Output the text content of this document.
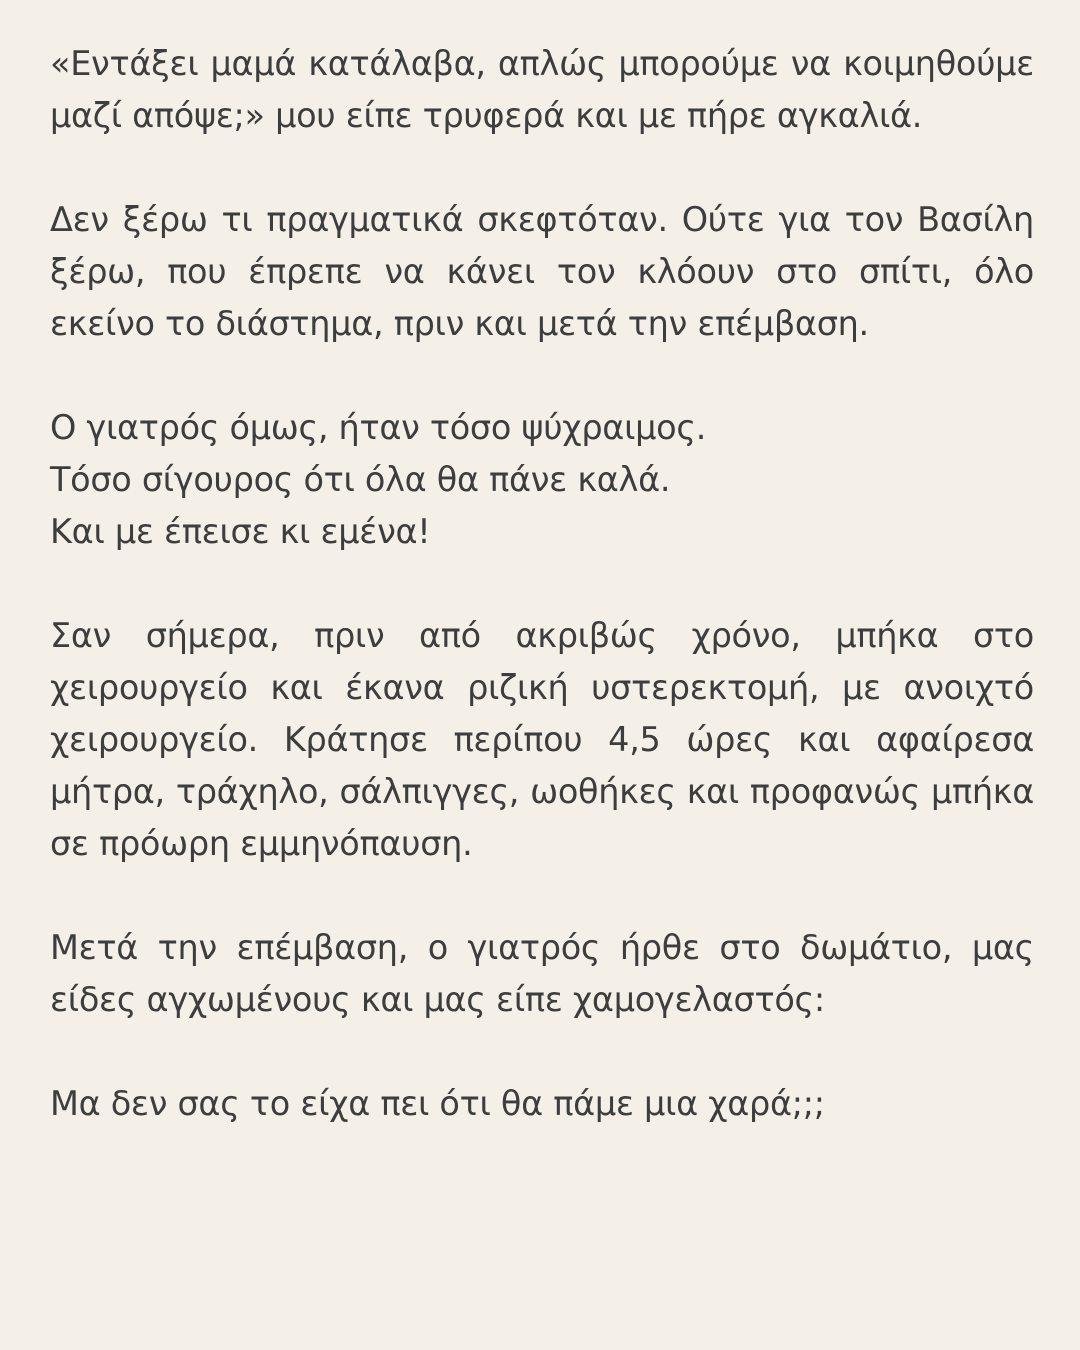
«Εντάξει μαμά κατάλαβα, απλώς μπορούμε να κοιμηθούμε μαζί απόψε;» μου είπε τρυφερά και με πήρε αγκαλιά.

Δεν ξέρω τι πραγματικά σκεφτόταν. Ούτε για τον Βασίλη ξέρω, που έπρεπε να κάνει τον κλόουν στο σπίτι, όλο εκείνο το διάστημα, πριν και μετά την επέμβαση.

Ο γιατρός όμως, ήταν τόσο ψύχραιμος.
Τόσο σίγουρος ότι όλα θα πάνε καλά.
Και με έπεισε κι εμένα!

Σαν σήμερα, πριν από ακριβώς χρόνο, μπήκα στο χειρουργείο και έκανα ριζική υστερεκτομή, με ανοιχτό χειρουργείο. Κράτησε περίπου 4,5 ώρες και αφαίρεσα μήτρα, τράχηλο, σάλπιγγες, ωοθήκες και προφανώς μπήκα σε πρόωρη εμμηνόπαυση.

Μετά την επέμβαση, ο γιατρός ήρθε στο δωμάτιο, μας είδες αγχωμένους και μας είπε χαμογελαστός:

Μα δεν σας το είχα πει ότι θα πάμε μια χαρά;;;
